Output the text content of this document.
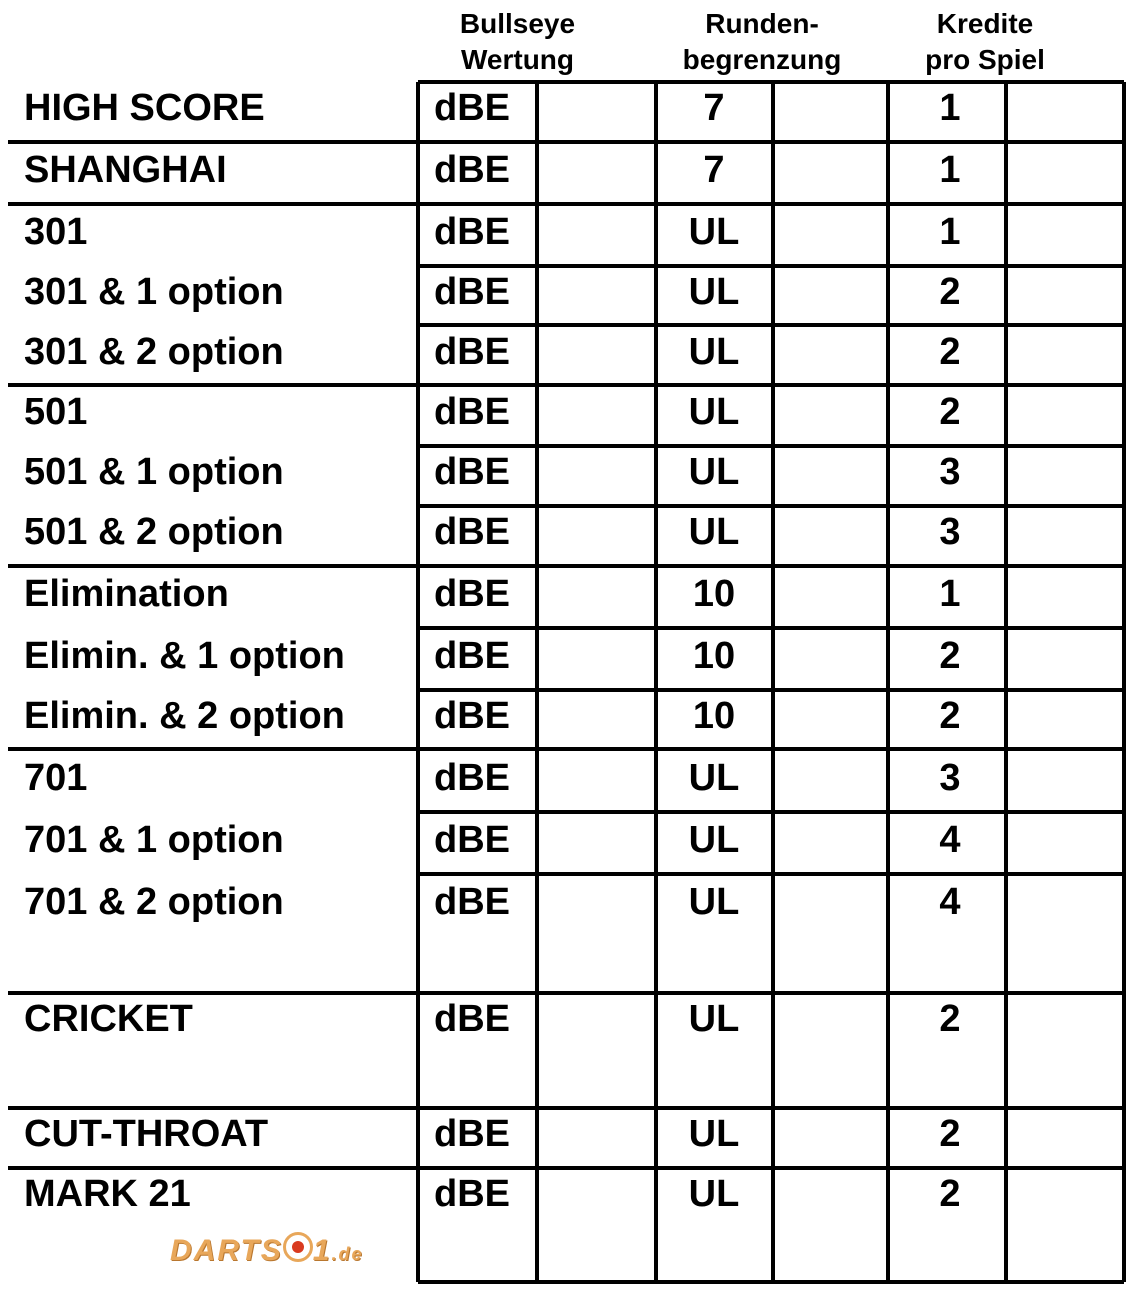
Bullseye
Wertung
Runden-
begrenzung
Kredite
pro Spiel
HIGH SCORE	dBE	7	1
SHANGHAI	dBE	7	1
301	dBE	UL	1
301 & 1 option	dBE	UL	2
301 & 2 option	dBE	UL	2
501	dBE	UL	2
501 & 1 option	dBE	UL	3
501 & 2 option	dBE	UL	3
Elimination	dBE	10	1
Elimin. & 1 option dBE	10	2
Elimin. & 2 option dBE	10	2
701	dBE	UL	3
701 & 1 option	dBE	UL	4
701 & 2 option	dBE	UL	4
CRICKET	dBE	UL	2
CUT-THROAT	dBE	UL	2
MARK 21	dBE	UL	2
DARTS 1.de
